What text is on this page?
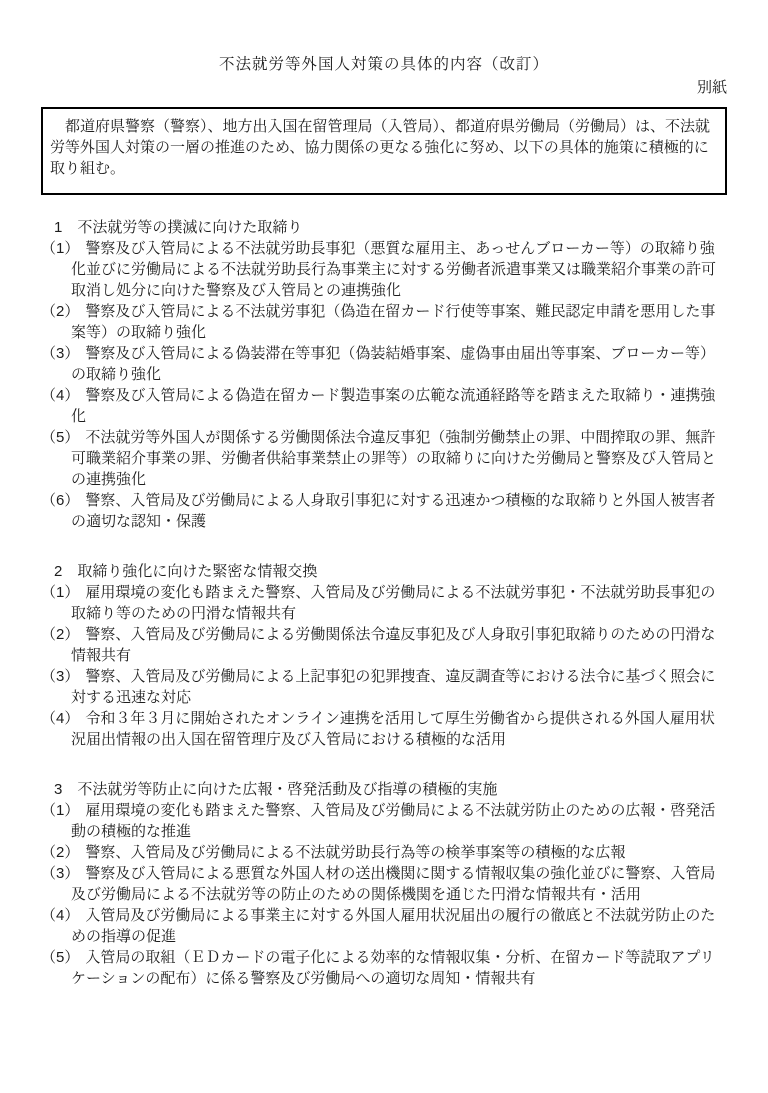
不法就労等外国人対策の具体的内容（改訂）
別紙
　都道府県警察（警察）、地方出入国在留管理局（入管局）、都道府県労働局（労働局）は、不法就労等外国人対策の一層の推進のため、協力関係の更なる強化に努め、以下の具体的施策に積極的に取り組む。
1 不法就労等の撲滅に向けた取締り
（1） 警察及び入管局による不法就労助長事犯（悪質な雇用主、あっせんブローカー等）の取締り強化並びに労働局による不法就労助長行為事業主に対する労働者派遣事業又は職業紹介事業の許可取消し処分に向けた警察及び入管局との連携強化
（2） 警察及び入管局による不法就労事犯（偽造在留カード行使等事案、難民認定申請を悪用した事案等）の取締り強化
（3） 警察及び入管局による偽装滞在等事犯（偽装結婚事案、虚偽事由届出等事案、ブローカー等）の取締り強化
（4） 警察及び入管局による偽造在留カード製造事案の広範な流通経路等を踏まえた取締り・連携強化
（5） 不法就労等外国人が関係する労働関係法令違反事犯（強制労働禁止の罪、中間搾取の罪、無許可職業紹介事業の罪、労働者供給事業禁止の罪等）の取締りに向けた労働局と警察及び入管局との連携強化
（6） 警察、入管局及び労働局による人身取引事犯に対する迅速かつ積極的な取締りと外国人被害者の適切な認知・保護
2 取締り強化に向けた緊密な情報交換
（1） 雇用環境の変化も踏まえた警察、入管局及び労働局による不法就労事犯・不法就労助長事犯の取締り等のための円滑な情報共有
（2） 警察、入管局及び労働局による労働関係法令違反事犯及び人身取引事犯取締りのための円滑な情報共有
（3） 警察、入管局及び労働局による上記事犯の犯罪捜査、違反調査等における法令に基づく照会に対する迅速な対応
（4） 令和３年３月に開始されたオンライン連携を活用して厚生労働省から提供される外国人雇用状況届出情報の出入国在留管理庁及び入管局における積極的な活用
3 不法就労等防止に向けた広報・啓発活動及び指導の積極的実施
（1） 雇用環境の変化も踏まえた警察、入管局及び労働局による不法就労防止のための広報・啓発活動の積極的な推進
（2） 警察、入管局及び労働局による不法就労助長行為等の検挙事案等の積極的な広報
（3） 警察及び入管局による悪質な外国人材の送出機関に関する情報収集の強化並びに警察、入管局及び労働局による不法就労等の防止のための関係機関を通じた円滑な情報共有・活用
（4） 入管局及び労働局による事業主に対する外国人雇用状況届出の履行の徹底と不法就労防止のための指導の促進
（5） 入管局の取組（ＥＤカードの電子化による効率的な情報収集・分析、在留カード等読取アプリケーションの配布）に係る警察及び労働局への適切な周知・情報共有
